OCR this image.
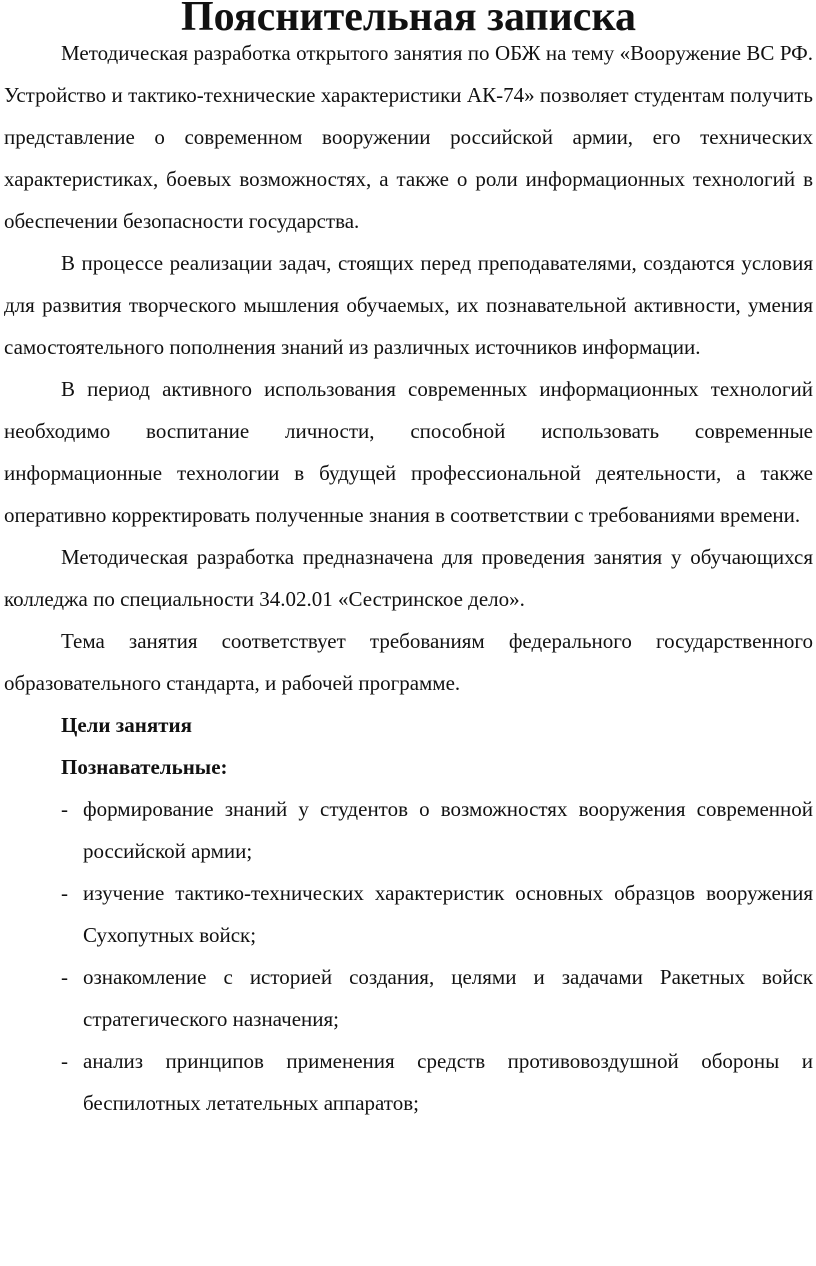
Пояснительная записка

Методическая разработка открытого занятия по ОБЖ на тему «Вооружение ВС РФ. Устройство и тактико-технические характеристики АК-74» позволяет студентам получить представление о современном вооружении российской армии, его технических характеристиках, боевых возможностях, а также о роли информационных технологий в обеспечении безопасности государства.

В процессе реализации задач, стоящих перед преподавателями, создаются условия для развития творческого мышления обучаемых, их познавательной активности, умения самостоятельного пополнения знаний из различных источников информации.

В период активного использования современных информационных технологий необходимо воспитание личности, способной использовать современные информационные технологии в будущей профессиональной деятельности, а также оперативно корректировать полученные знания в соответствии с требованиями времени.

Методическая разработка предназначена для проведения занятия у обучающихся колледжа по специальности 34.02.01 «Сестринское дело».

Тема занятия соответствует требованиям федерального государственного образовательного стандарта, и рабочей программе.

Цели занятия

Познавательные:

- формирование знаний у студентов о возможностях вооружения современной российской армии;
- изучение тактико-технических характеристик основных образцов вооружения Сухопутных войск;
- ознакомление с историей создания, целями и задачами Ракетных войск стратегического назначения;
- анализ принципов применения средств противовоздушной обороны и беспилотных летательных аппаратов;
